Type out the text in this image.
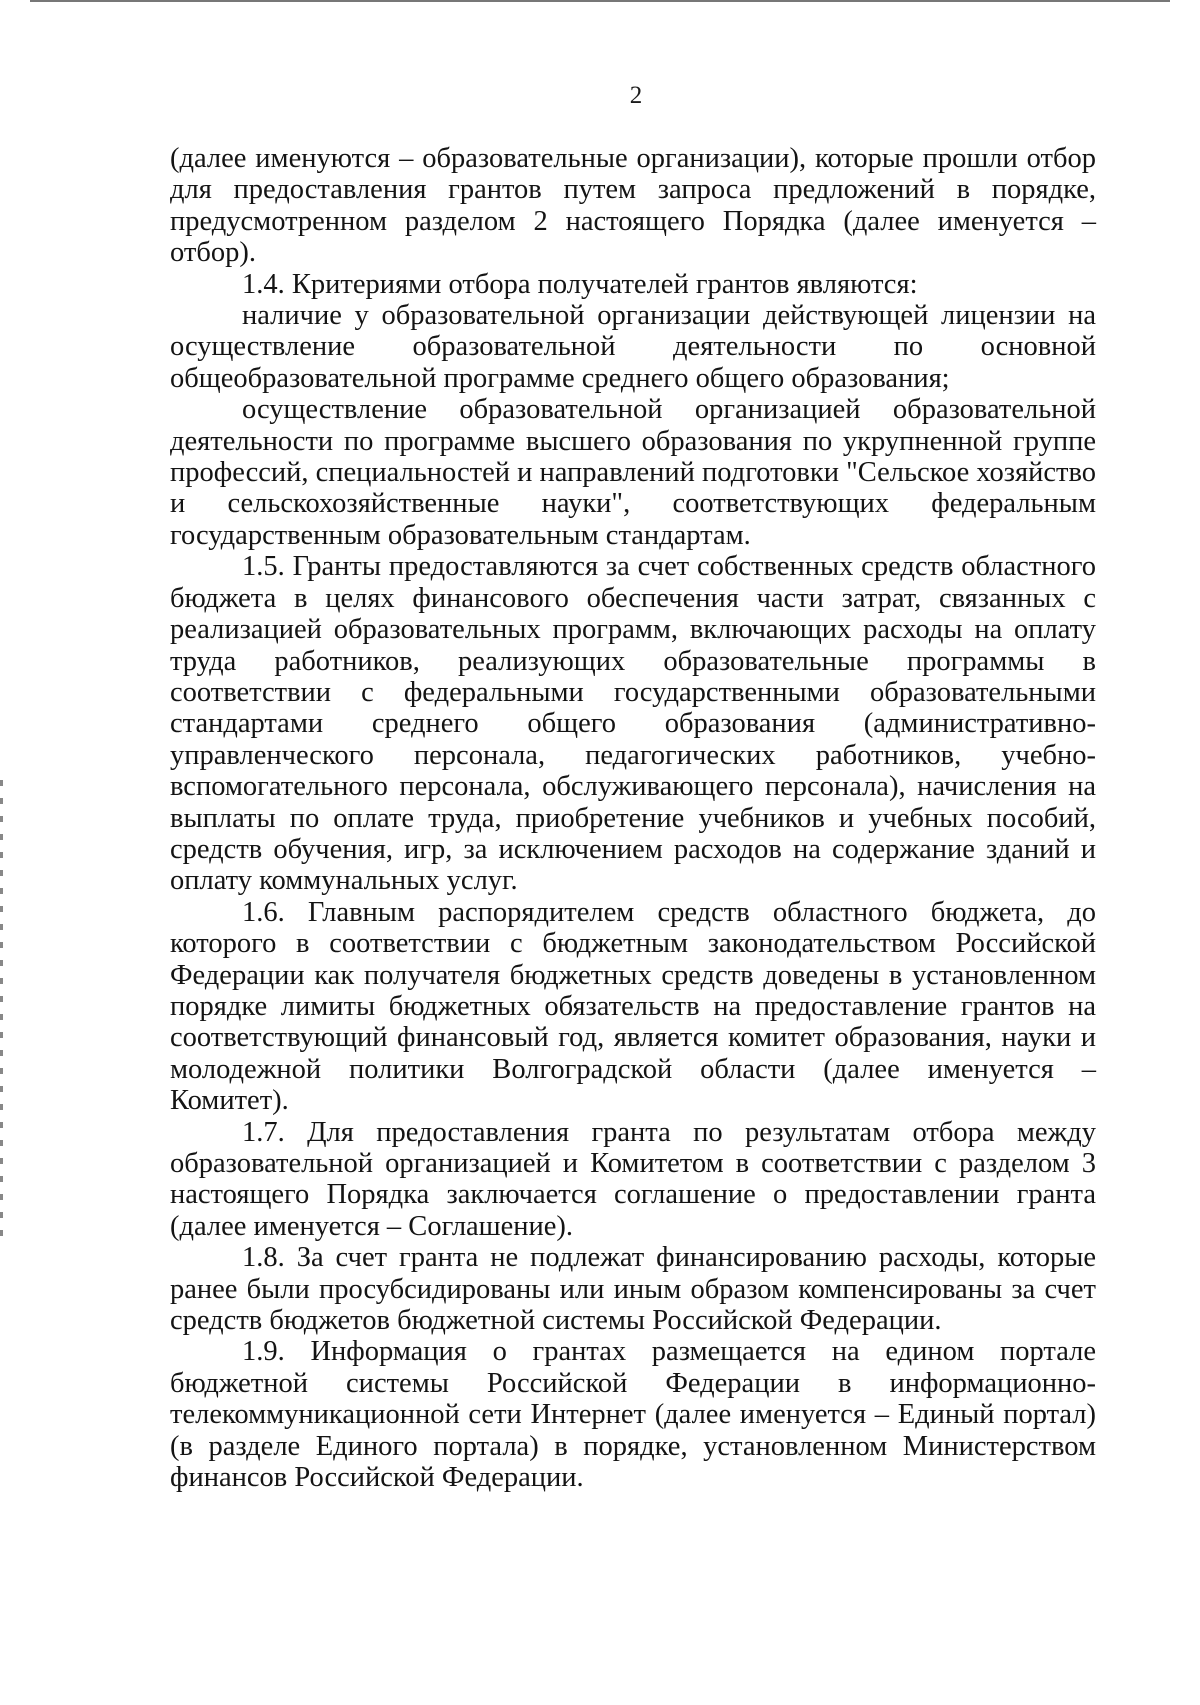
2

(далее именуются – образовательные организации), которые прошли отбор для предоставления грантов путем запроса предложений в порядке, предусмотренном разделом 2 настоящего Порядка (далее именуется – отбор).

1.4. Критериями отбора получателей грантов являются:

наличие у образовательной организации действующей лицензии на осуществление образовательной деятельности по основной общеобразовательной программе среднего общего образования;

осуществление образовательной организацией образовательной деятельности по программе высшего образования по укрупненной группе профессий, специальностей и направлений подготовки "Сельское хозяйство и сельскохозяйственные науки", соответствующих федеральным государственным образовательным стандартам.

1.5. Гранты предоставляются за счет собственных средств областного бюджета в целях финансового обеспечения части затрат, связанных с реализацией образовательных программ, включающих расходы на оплату труда работников, реализующих образовательные программы в соответствии с федеральными государственными образовательными стандартами среднего общего образования (административно-управленческого персонала, педагогических работников, учебно-вспомогательного персонала, обслуживающего персонала), начисления на выплаты по оплате труда, приобретение учебников и учебных пособий, средств обучения, игр, за исключением расходов на содержание зданий и оплату коммунальных услуг.

1.6. Главным распорядителем средств областного бюджета, до которого в соответствии с бюджетным законодательством Российской Федерации как получателя бюджетных средств доведены в установленном порядке лимиты бюджетных обязательств на предоставление грантов на соответствующий финансовый год, является комитет образования, науки и молодежной политики Волгоградской области (далее именуется – Комитет).

1.7. Для предоставления гранта по результатам отбора между образовательной организацией и Комитетом в соответствии с разделом 3 настоящего Порядка заключается соглашение о предоставлении гранта (далее именуется – Соглашение).

1.8. За счет гранта не подлежат финансированию расходы, которые ранее были просубсидированы или иным образом компенсированы за счет средств бюджетов бюджетной системы Российской Федерации.

1.9. Информация о грантах размещается на едином портале бюджетной системы Российской Федерации в информационно-телекоммуникационной сети Интернет (далее именуется – Единый портал) (в разделе Единого портала) в порядке, установленном Министерством финансов Российской Федерации.
